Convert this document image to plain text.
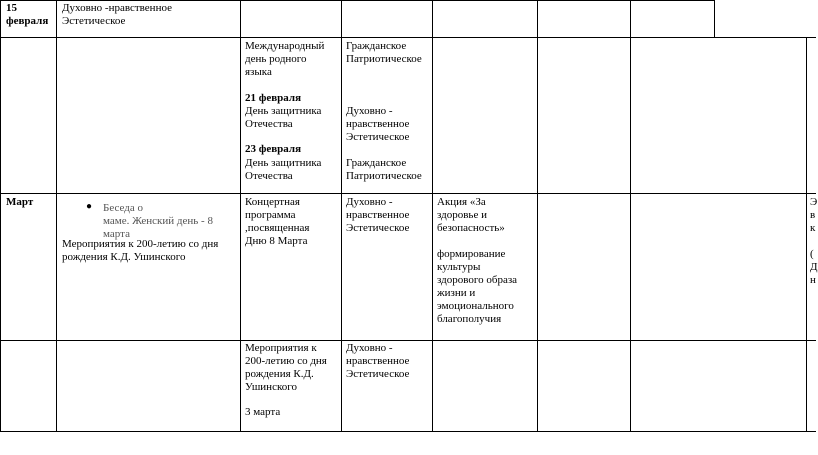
15
февраля
Духовно -нравственное
Эстетическое
Международный
день родного
языка
21 февраля
Гражданское
Патриотическое
День защитника
Отечества
23 февраля
Духовно -
нравственное
Эстетическое
День защитника
Отечества
Гражданское
Патриотическое
Март	● Беседа о
маме. Женский день - 8 марта
Мероприятия к 200-летию со дня
рождения К.Д. Ушинского
Концертная
программа
,посвященная
Дню 8 Марта
Духовно -
нравственное
Эстетическое
Акция «За
здоровье и
безопасность»
формирование
культуры
здорового образа
жизни и
эмоционального
благополучия
Э
в
к

(
Д
н
Мероприятия к
200-летию со дня
рождения К.Д.
Ушинского
3 марта
Духовно -
нравственное
Эстетическое
